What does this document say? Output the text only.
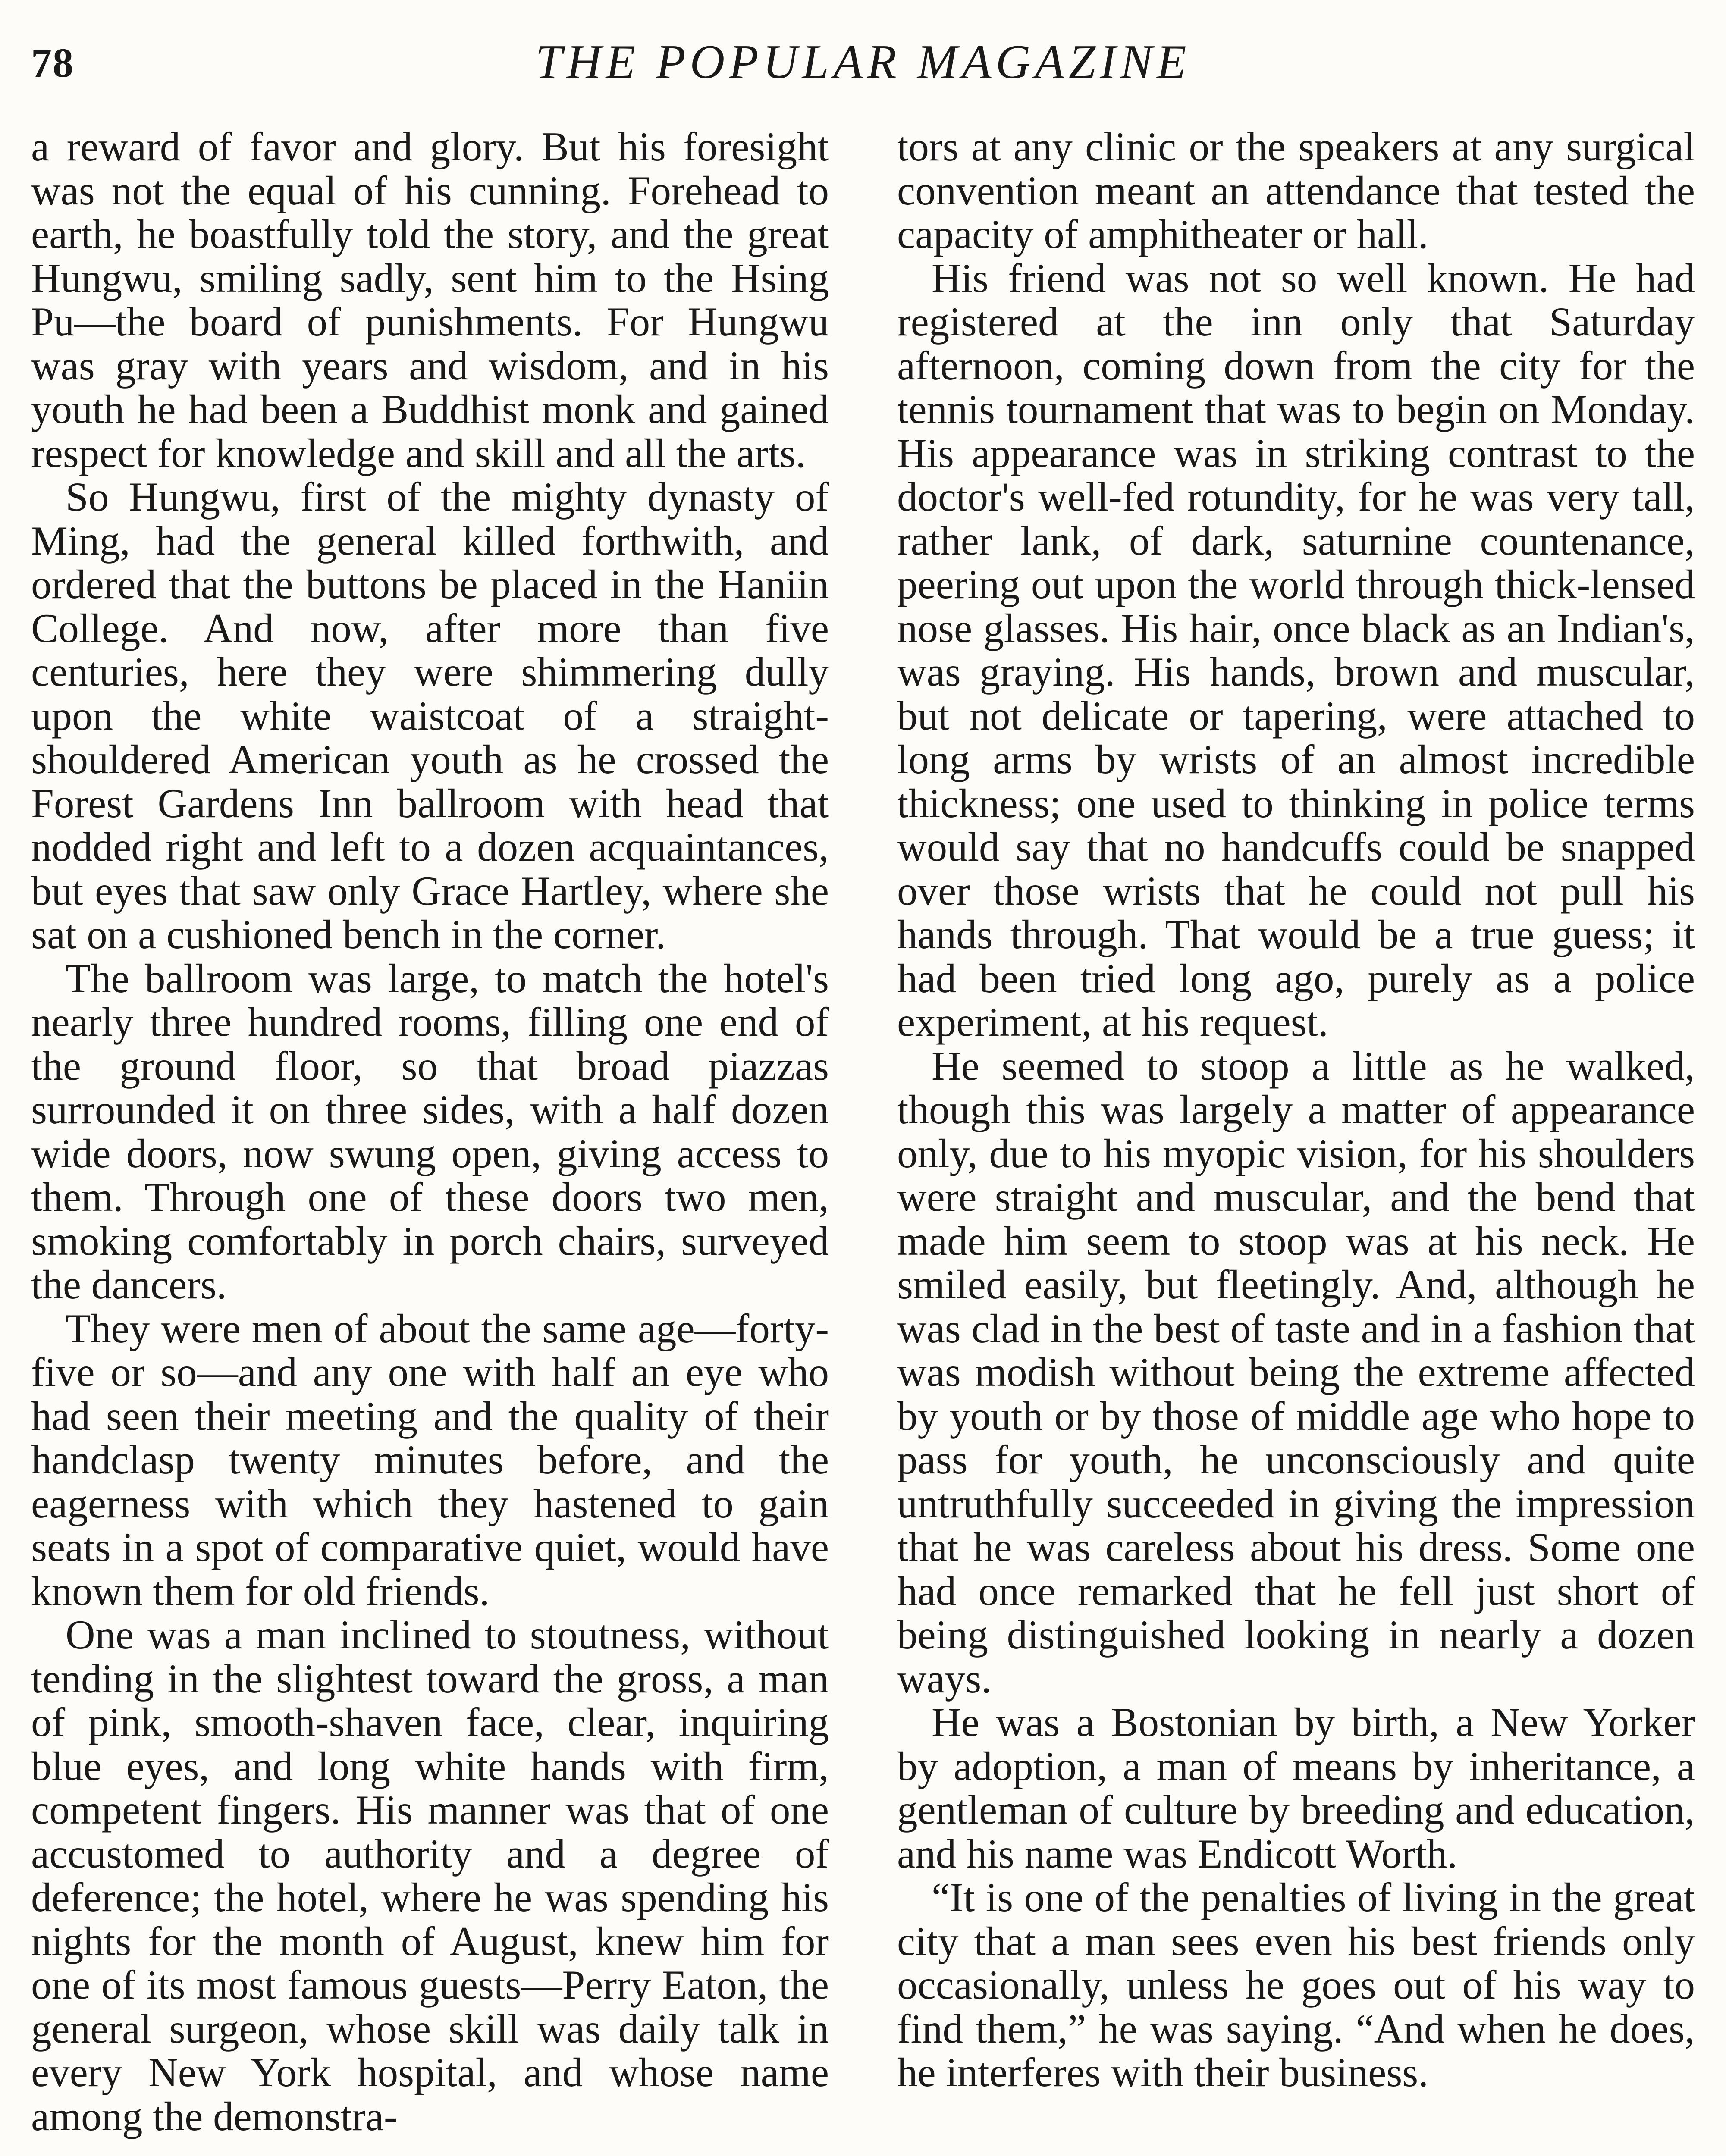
78	THE POPULAR MAGAZINE

a reward of favor and glory. But his foresight was not the equal of his cunning. Forehead to earth, he boastfully told the story, and the great Hungwu, smiling sadly, sent him to the Hsing Pu—the board of punishments. For Hungwu was gray with years and wisdom, and in his youth he had been a Buddhist monk and gained respect for knowledge and skill and all the arts.

So Hungwu, first of the mighty dynasty of Ming, had the general killed forthwith, and ordered that the buttons be placed in the Haniin College. And now, after more than five centuries, here they were shimmering dully upon the white waistcoat of a straight-shouldered American youth as he crossed the Forest Gardens Inn ballroom with head that nodded right and left to a dozen acquaintances, but eyes that saw only Grace Hartley, where she sat on a cushioned bench in the corner.

The ballroom was large, to match the hotel's nearly three hundred rooms, filling one end of the ground floor, so that broad piazzas surrounded it on three sides, with a half dozen wide doors, now swung open, giving access to them. Through one of these doors two men, smoking comfortably in porch chairs, surveyed the dancers.

They were men of about the same age—forty-five or so—and any one with half an eye who had seen their meeting and the quality of their handclasp twenty minutes before, and the eagerness with which they hastened to gain seats in a spot of comparative quiet, would have known them for old friends.

One was a man inclined to stoutness, without tending in the slightest toward the gross, a man of pink, smooth-shaven face, clear, inquiring blue eyes, and long white hands with firm, competent fingers. His manner was that of one accustomed to authority and a degree of deference; the hotel, where he was spending his nights for the month of August, knew him for one of its most famous guests—Perry Eaton, the general surgeon, whose skill was daily talk in every New York hospital, and whose name among the demonstra-

tors at any clinic or the speakers at any surgical convention meant an attendance that tested the capacity of amphitheater or hall.

His friend was not so well known. He had registered at the inn only that Saturday afternoon, coming down from the city for the tennis tournament that was to begin on Monday. His appearance was in striking contrast to the doctor's well-fed rotundity, for he was very tall, rather lank, of dark, saturnine countenance, peering out upon the world through thick-lensed nose glasses. His hair, once black as an Indian's, was graying. His hands, brown and muscular, but not delicate or tapering, were attached to long arms by wrists of an almost incredible thickness; one used to thinking in police terms would say that no handcuffs could be snapped over those wrists that he could not pull his hands through. That would be a true guess; it had been tried long ago, purely as a police experiment, at his request.

He seemed to stoop a little as he walked, though this was largely a matter of appearance only, due to his myopic vision, for his shoulders were straight and muscular, and the bend that made him seem to stoop was at his neck. He smiled easily, but fleetingly. And, although he was clad in the best of taste and in a fashion that was modish without being the extreme affected by youth or by those of middle age who hope to pass for youth, he unconsciously and quite untruthfully succeeded in giving the impression that he was careless about his dress. Some one had once remarked that he fell just short of being distinguished looking in nearly a dozen ways.

He was a Bostonian by birth, a New Yorker by adoption, a man of means by inheritance, a gentleman of culture by breeding and education, and his name was Endicott Worth.

“It is one of the penalties of living in the great city that a man sees even his best friends only occasionally, unless he goes out of his way to find them,” he was saying. “And when he does, he interferes with their business.
